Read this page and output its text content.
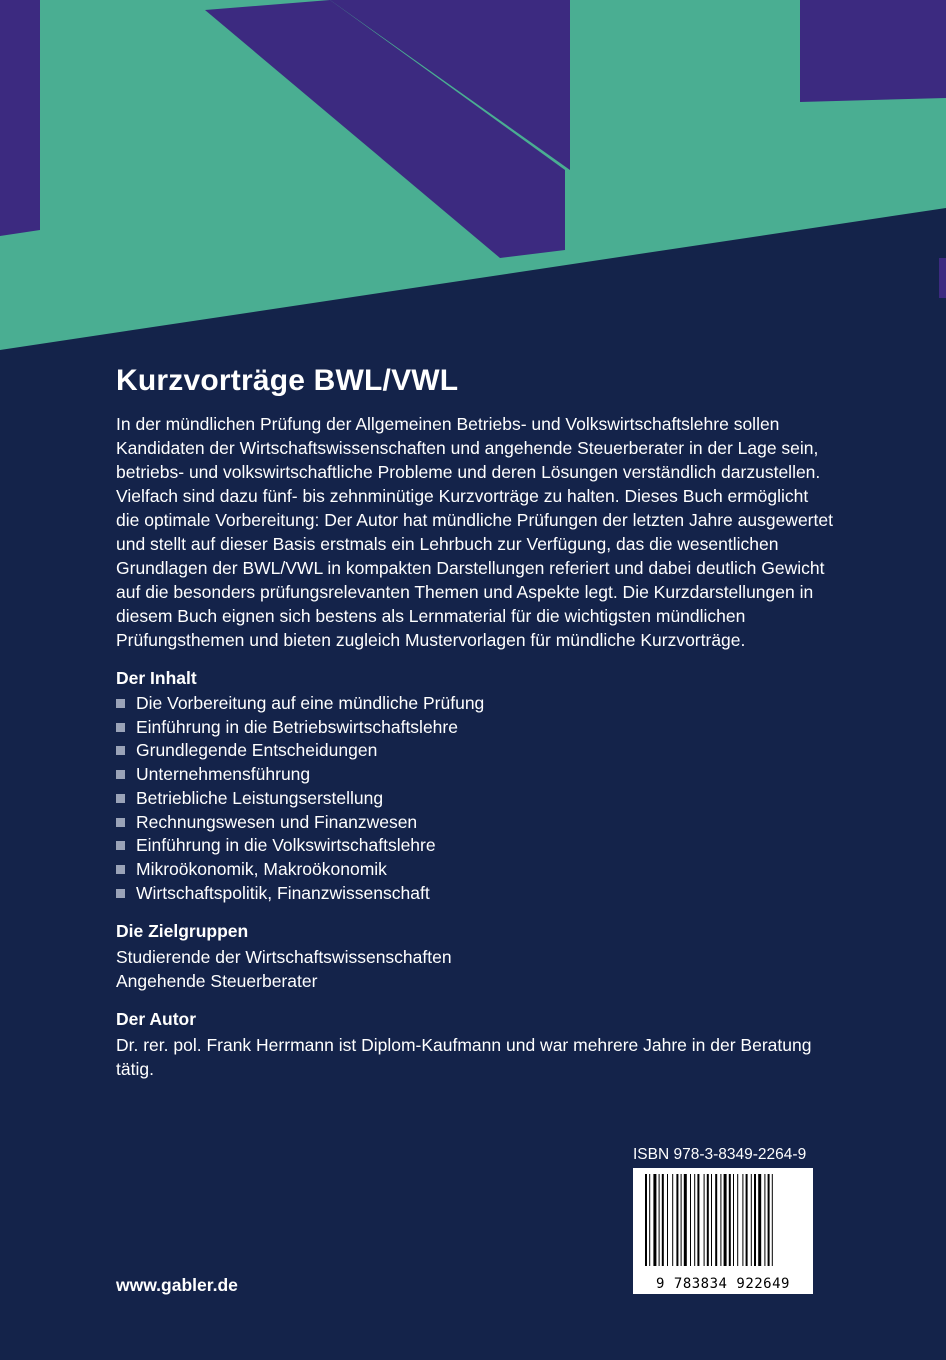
Kurzvorträge BWL/VWL

In der mündlichen Prüfung der Allgemeinen Betriebs- und Volkswirtschaftslehre sollen Kandidaten der Wirtschaftswissenschaften und angehende Steuerberater in der Lage sein, betriebs- und volkswirtschaftliche Probleme und deren Lösungen verständlich darzustellen. Vielfach sind dazu fünf- bis zehnminütige Kurzvorträge zu halten. Dieses Buch ermöglicht die optimale Vorbereitung: Der Autor hat mündliche Prüfungen der letzten Jahre ausgewertet und stellt auf dieser Basis erstmals ein Lehrbuch zur Verfügung, das die wesentlichen Grundlagen der BWL/VWL in kompakten Darstellungen referiert und dabei deutlich Gewicht auf die besonders prüfungsrelevanten Themen und Aspekte legt. Die Kurzdarstellungen in diesem Buch eignen sich bestens als Lernmaterial für die wichtigsten mündlichen Prüfungsthemen und bieten zugleich Mustervorlagen für mündliche Kurzvorträge.

Der Inhalt
Die Vorbereitung auf eine mündliche Prüfung
Einführung in die Betriebswirtschaftslehre
Grundlegende Entscheidungen
Unternehmensführung
Betriebliche Leistungserstellung
Rechnungswesen und Finanzwesen
Einführung in die Volkswirtschaftslehre
Mikroökonomik, Makroökonomik
Wirtschaftspolitik, Finanzwissenschaft
Die Zielgruppen

Studierende der Wirtschaftswissenschaften

Angehende Steuerberater

Der Autor

Dr. rer. pol. Frank Herrmann ist Diplom-Kaufmann und war mehrere Jahre in der Beratung tätig.

www.gabler.de
ISBN 978-3-8349-2264-9
9 783834 922649
